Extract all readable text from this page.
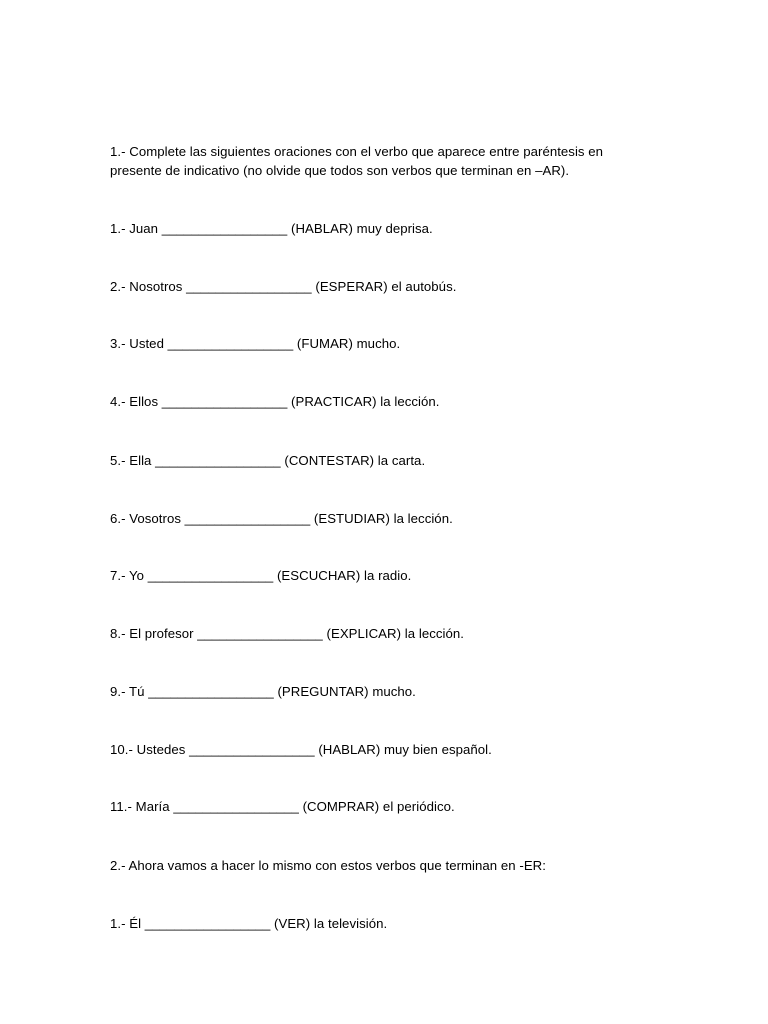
1.- Complete las siguientes oraciones con el verbo que aparece entre paréntesis en
presente de indicativo (no olvide que todos son verbos que terminan en –AR).
1.- Juan _________________ (HABLAR) muy deprisa.
2.- Nosotros _________________ (ESPERAR) el autobús.
3.- Usted _________________ (FUMAR) mucho.
4.- Ellos _________________ (PRACTICAR) la lección.
5.- Ella _________________ (CONTESTAR) la carta.
6.- Vosotros _________________ (ESTUDIAR) la lección.
7.- Yo _________________ (ESCUCHAR) la radio.
8.- El profesor _________________ (EXPLICAR) la lección.
9.- Tú _________________ (PREGUNTAR) mucho.
10.- Ustedes _________________ (HABLAR) muy bien español.
11.- María _________________ (COMPRAR) el periódico.
2.- Ahora vamos a hacer lo mismo con estos verbos que terminan en -ER:
1.- Él _________________ (VER) la televisión.
